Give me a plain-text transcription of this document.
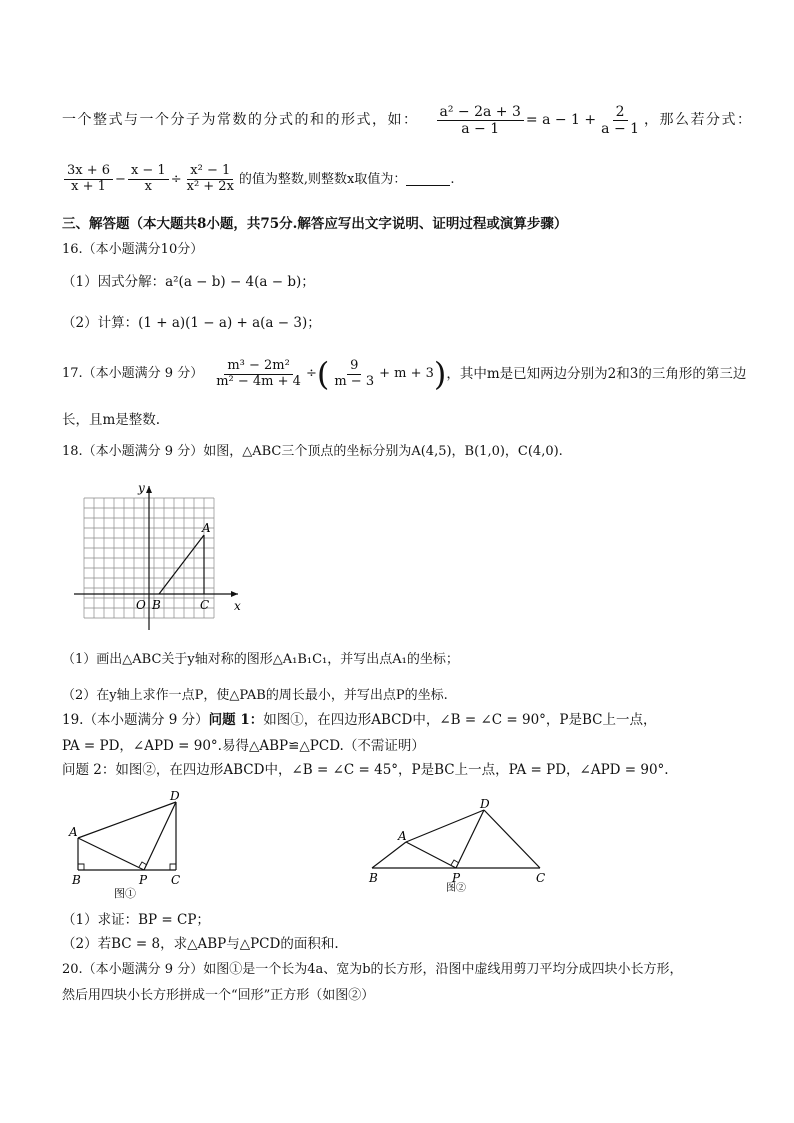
一个整式与一个分子为常数的分式的和的形式，如： $\frac{\text{a² − 2a + 3}}{a - 1} = a - 1 + \frac{2}{a - 1}$ ，那么若分式：
$\frac{3x + 6}{x + 1} - \frac{x - 1}{x} \div \frac{\text{x² − 1}}{\text{x² + 2x}}$ 的值为整数,则整数x取值为：	.
三、解答题（本大题共8小题，共75分.解答应写出文字说明、证明过程或演算步骤）
16.（本小题满分10分）
（1）因式分解：a²(a − b) − 4(a − b)；
（2）计算：(1 + a)(1 − a) + a(a − 3)；
17.（本小题满分 9 分） $\frac{\text{m³ − 2m²}}{\text{m² − 4m + 4}}$ ÷ ( $\frac{9}{m - 3} + m + 3$ ) ，其中m是已知两边分别为2和3的三角形的第三边
长，且m是整数.
18.（本小题满分 9 分）如图，△ABC三个顶点的坐标分别为A(4,5)，B(1,0)，C(4,0).
y
x
O B	C
A
（1）画出△ABC关于y轴对称的图形△A₁B₁C₁，并写出点A₁的坐标；
（2）在y轴上求作一点P，使△PAB的周长最小，并写出点P的坐标.
19.（本小题满分 9 分）问题 1：如图①，在四边形ABCD中，∠B = ∠C = 90°，P是BC上一点，
PA = PD，∠APD = 90°.易得△ABP≌△PCD.（不需证明）
问题 2：如图②，在四边形ABCD中，∠B = ∠C = 45°，P是BC上一点，PA = PD，∠APD = 90°.
A
B	P C
D
图①
A
B	P	C
D
图②
（1）求证：BP = CP；
（2）若BC = 8，求△ABP与△PCD的面积和.
20.（本小题满分 9 分）如图①是一个长为4a、宽为b的长方形，沿图中虚线用剪刀平均分成四块小长方形，
然后用四块小长方形拼成一个“回形”正方形（如图②）
